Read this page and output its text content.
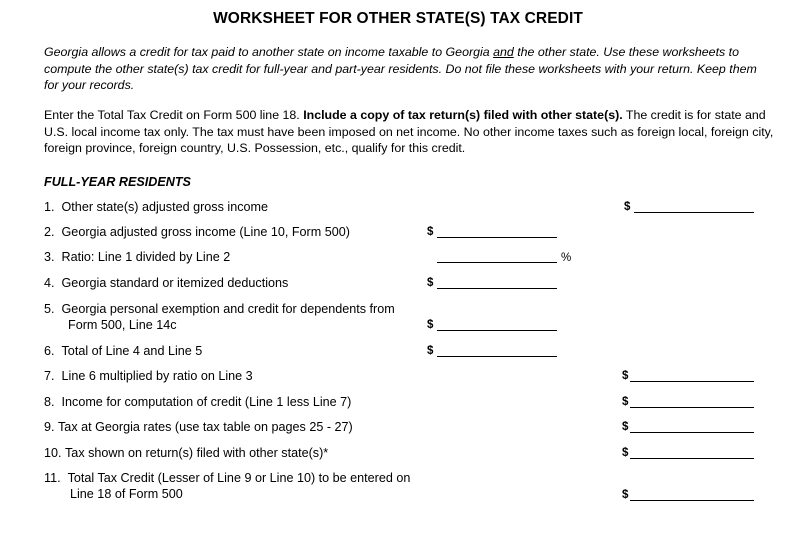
WORKSHEET FOR OTHER STATE(S) TAX CREDIT
Georgia allows a credit for tax paid to another state on income taxable to Georgia and the other state. Use these worksheets to compute the other state(s) tax credit for full-year and part-year residents. Do not file these worksheets with your return. Keep them for your records.
Enter the Total Tax Credit on Form 500 line 18. Include a copy of tax return(s) filed with other state(s). The credit is for state and U.S. local income tax only. The tax must have been imposed on net income. No other income taxes such as foreign local, foreign city, foreign province, foreign country, U.S. Possession, etc., qualify for this credit.
FULL-YEAR RESIDENTS
1. Other state(s) adjusted gross income	$
2. Georgia adjusted gross income (Line 10, Form 500)	$
3. Ratio: Line 1 divided by Line 2	%
4. Georgia standard or itemized deductions	$
5. Georgia personal exemption and credit for dependents from
Form 500, Line 14c	$
6. Total of Line 4 and Line 5	$
7. Line 6 multiplied by ratio on Line 3	$
8. Income for computation of credit (Line 1 less Line 7)	$
9. Tax at Georgia rates (use tax table on pages 25 - 27)	$
10. Tax shown on return(s) filed with other state(s)*	$
11. Total Tax Credit (Lesser of Line 9 or Line 10) to be entered on
Line 18 of Form 500	$
